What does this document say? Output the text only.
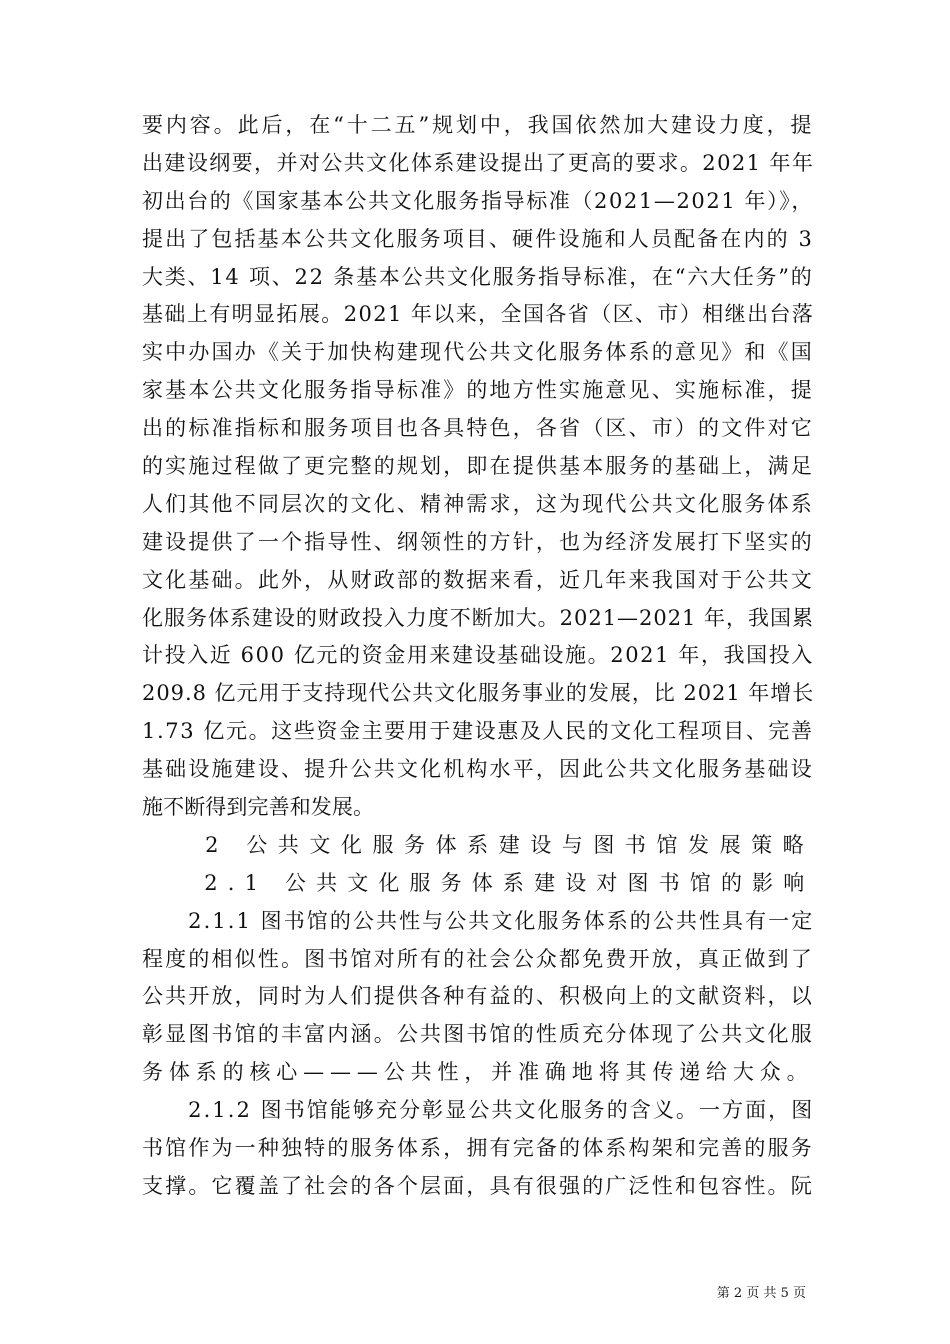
要内容。此后，在“十二五”规划中，我国依然加大建设力度，提
出建设纲要，并对公共文化体系建设提出了更高的要求。2021 年年
初出台的《国家基本公共文化服务指导标准（2021—2021 年）》，
提出了包括基本公共文化服务项目、硬件设施和人员配备在内的 3
大类、14 项、22 条基本公共文化服务指导标准，在“六大任务”的
基础上有明显拓展。2021 年以来，全国各省（区、市）相继出台落
实中办国办《关于加快构建现代公共文化服务体系的意见》和《国
家基本公共文化服务指导标准》的地方性实施意见、实施标准，提
出的标准指标和服务项目也各具特色，各省（区、市）的文件对它
的实施过程做了更完整的规划，即在提供基本服务的基础上，满足
人们其他不同层次的文化、精神需求，这为现代公共文化服务体系
建设提供了一个指导性、纲领性的方针，也为经济发展打下坚实的
文化基础。此外，从财政部的数据来看，近几年来我国对于公共文
化服务体系建设的财政投入力度不断加大。2021—2021 年，我国累
计投入近 600 亿元的资金用来建设基础设施。2021 年，我国投入
209.8 亿元用于支持现代公共文化服务事业的发展，比 2021 年增长
1.73 亿元。这些资金主要用于建设惠及人民的文化工程项目、完善
基础设施建设、提升公共文化机构水平，因此公共文化服务基础设
施不断得到完善和发展。
　　2 公共文化服务体系建设与图书馆发展策略
　　2.1 公共文化服务体系建设对图书馆的影响
　　2.1.1 图书馆的公共性与公共文化服务体系的公共性具有一定
程度的相似性。图书馆对所有的社会公众都免费开放，真正做到了
公共开放，同时为人们提供各种有益的、积极向上的文献资料，以
彰显图书馆的丰富内涵。公共图书馆的性质充分体现了公共文化服
务体系的核心———公共性，并准确地将其传递给大众。
　　2.1.2 图书馆能够充分彰显公共文化服务的含义。一方面，图
书馆作为一种独特的服务体系，拥有完备的体系构架和完善的服务
支撑。它覆盖了社会的各个层面，具有很强的广泛性和包容性。阮
第 2 页 共 5 页
